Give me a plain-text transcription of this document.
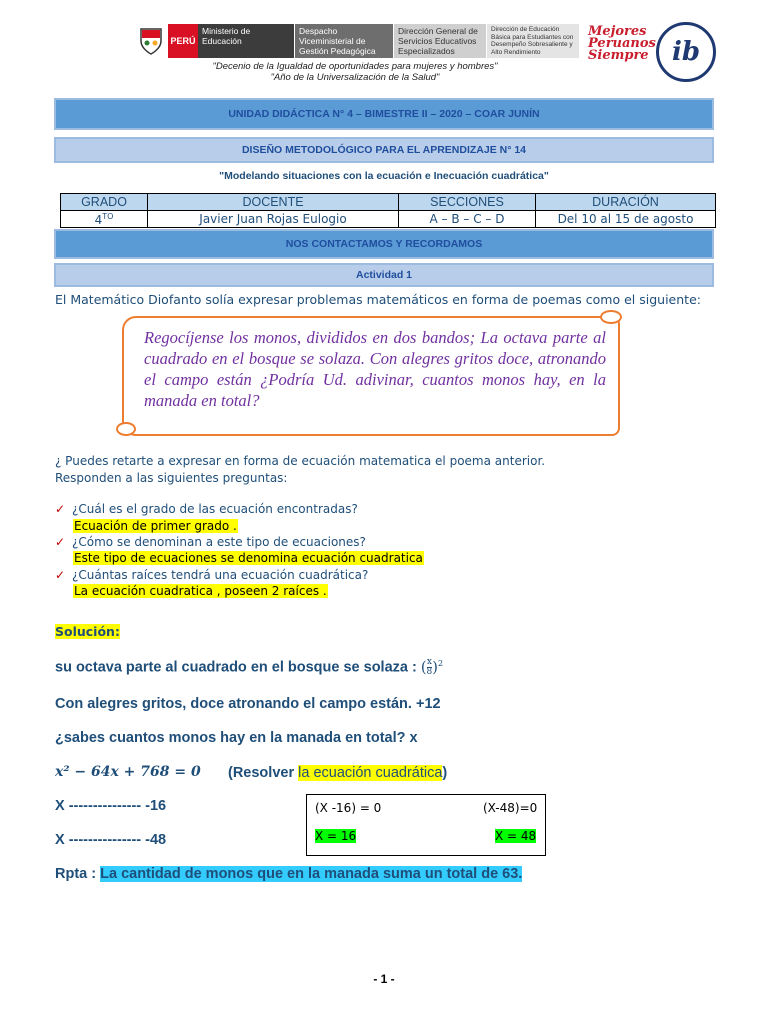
PERÚ
Ministerio de Educación
Despacho Viceministerial de Gestión Pedagógica
Dirección General de Servicios Educativos Especializados
Dirección de Educación Básica para Estudiantes con Desempeño Sobresaliente y Alto Rendimiento
Mejores Peruanos Siempre ib
"Decenio de la Igualdad de oportunidades para mujeres y hombres"
"Año de la Universalización de la Salud"
UNIDAD DIDÁCTICA N° 4 – BIMESTRE II – 2020 – COAR JUNÍN
DISEÑO METODOLÓGICO PARA EL APRENDIZAJE N° 14
"Modelando situaciones con la ecuación e Inecuación cuadrática"
GRADO	DOCENTE	SECCIONES	DURACIÓN
$4^{TO}$	Javier Juan Rojas Eulogio	A – B – C – D	Del 10 al 15 de agosto
NOS CONTACTAMOS Y RECORDAMOS
Actividad 1
El Matemático Diofanto solía expresar problemas matemáticos en forma de poemas como el siguiente:
Regocíjense los monos, divididos en dos bandos; La octava parte al cuadrado en el bosque se solaza. Con alegres gritos doce, atronando el campo están ¿Podría Ud. adivinar, cuantos monos hay, en la manada en total?
¿ Puedes retarte a expresar en forma de ecuación matematica el poema anterior.
Responden a las siguientes preguntas:
✓ ¿Cuál es el grado de las ecuación encontradas?
Ecuación de primer grado .
✓ ¿Cómo se denominan a este tipo de ecuaciones?
Este tipo de ecuaciones se denomina ecuación cuadratica
✓ ¿Cuántas raíces tendrá una ecuación cuadrática?
La ecuación cuadratica , poseen 2 raíces .
Solución:
su octava parte al cuadrado en el bosque se solaza : $(\frac{x}{8} )^2$
Con alegres gritos, doce atronando el campo están. +12
¿sabes cuantos monos hay en la manada en total? x
x² − 64x + 768 = 0 (Resolver la ecuación cuadrática)
X --------------- -16
X --------------- -48
(X -16) = 0	(X-48)=0
X = 16	X = 48
Rpta : La cantidad de monos que en la manada suma un total de 63.
- 1 -
